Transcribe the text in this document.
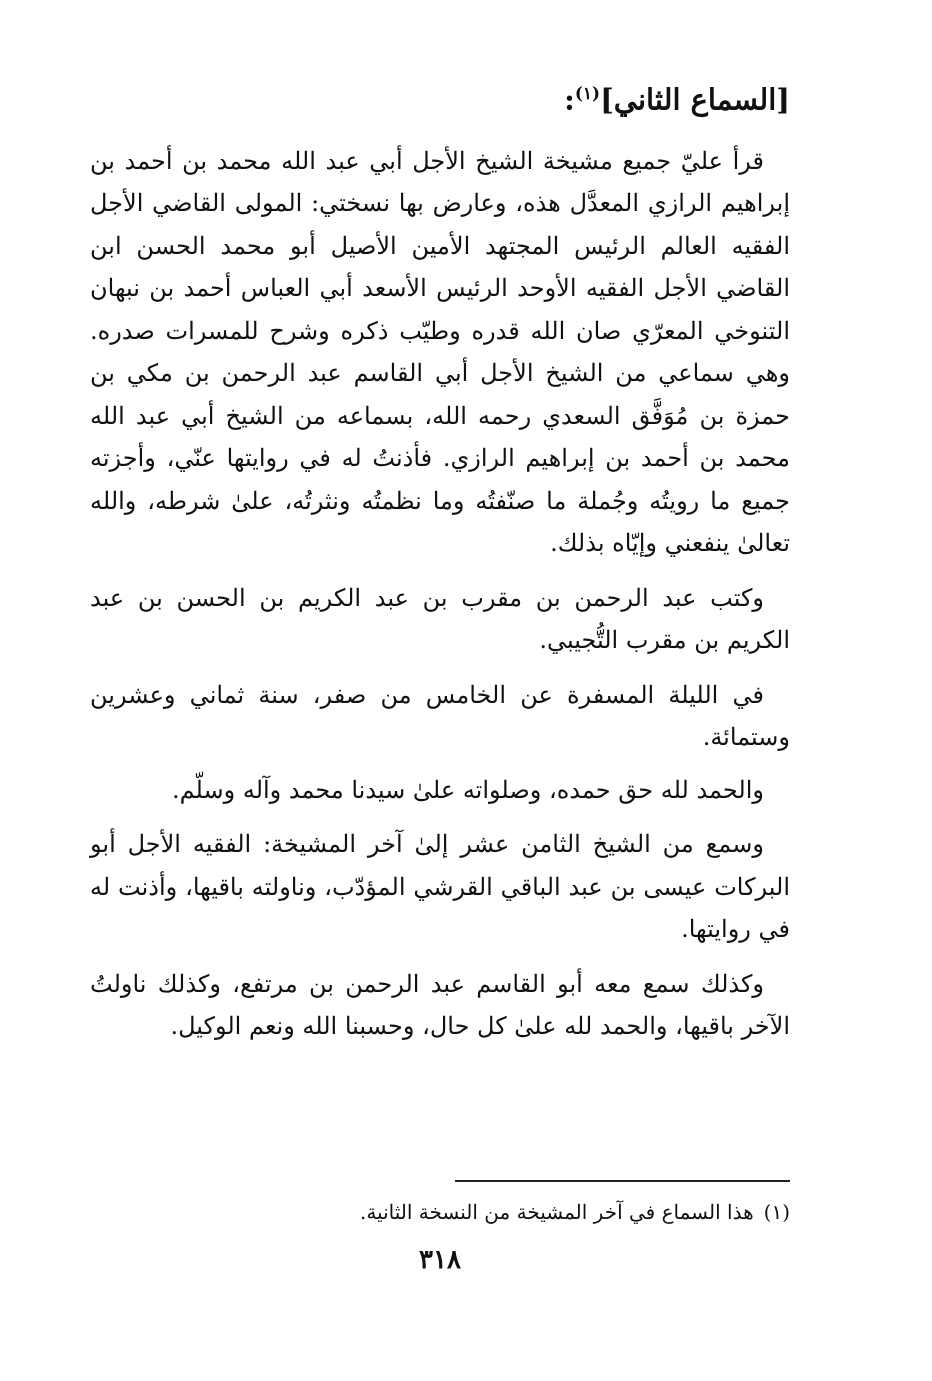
[السماع الثاني]$^{(١)}$:

قرأ عليّ جميع مشيخة الشيخ الأجل أبي عبد الله محمد بن أحمد بن إبراهيم الرازي المعدَّل هذه، وعارض بها نسختي: المولى القاضي الأجل الفقيه العالم الرئيس المجتهد الأمين الأصيل أبو محمد الحسن ابن القاضي الأجل الفقيه الأوحد الرئيس الأسعد أبي العباس أحمد بن نبهان التنوخي المعرّي صان الله قدره وطيّب ذكره وشرح للمسرات صدره. وهي سماعي من الشيخ الأجل أبي القاسم عبد الرحمن بن مكي بن حمزة بن مُوَفَّق السعدي رحمه الله، بسماعه من الشيخ أبي عبد الله محمد بن أحمد بن إبراهيم الرازي. فأذنتُ له في روايتها عنّي، وأجزته جميع ما رويتُه وجُملة ما صنّفتُه وما نظمتُه ونثرتُه، علىٰ شرطه، والله تعالىٰ ينفعني وإيّاه بذلك.

وكتب عبد الرحمن بن مقرب بن عبد الكريم بن الحسن بن عبد الكريم بن مقرب التُّجيبي.

في الليلة المسفرة عن الخامس من صفر، سنة ثماني وعشرين وستمائة.

والحمد لله حق حمده، وصلواته علىٰ سيدنا محمد وآله وسلّم.

وسمع من الشيخ الثامن عشر إلىٰ آخر المشيخة: الفقيه الأجل أبو البركات عيسى بن عبد الباقي القرشي المؤدّب، وناولته باقيها، وأذنت له في روايتها.

وكذلك سمع معه أبو القاسم عبد الرحمن بن مرتفع، وكذلك ناولتُ الآخر باقيها، والحمد لله علىٰ كل حال، وحسبنا الله ونعم الوكيل.

(١)هذا السماع في آخر المشيخة من النسخة الثانية.
٣١٨
